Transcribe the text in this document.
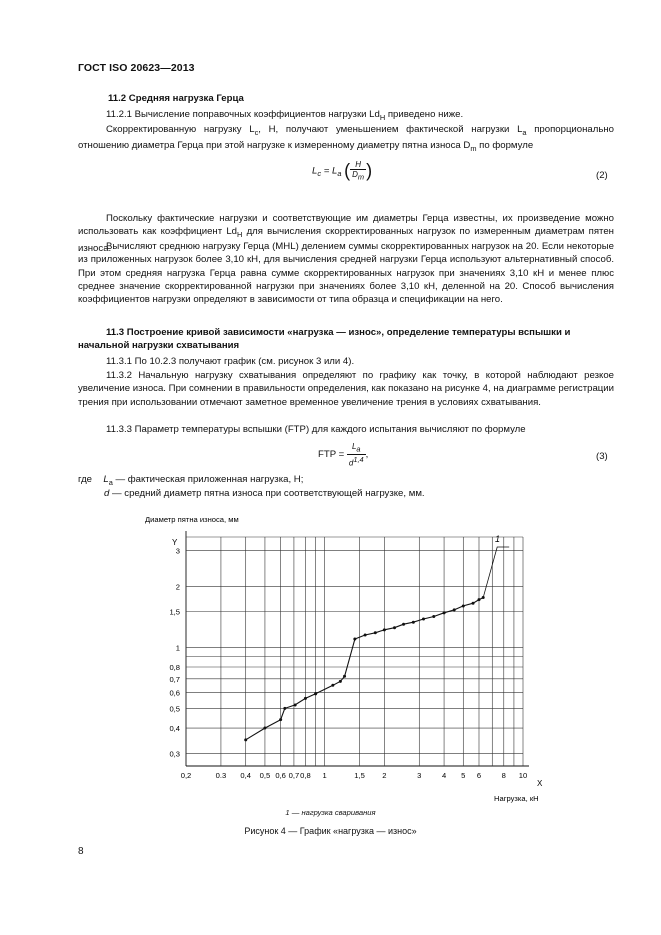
ГОСТ ISO 20623—2013
11.2 Средняя нагрузка Герца
11.2.1 Вычисление поправочных коэффициентов нагрузки $Ld_H$ приведено ниже.
Скорректированную нагрузку $L_c$, Н, получают уменьшением фактической нагрузки $L_a$ пропорционально отношению диаметра Герца при этой нагрузке к измеренному диаметру пятна износа $D_m$ по формуле
$L_c = L_a$ ( $\frac{H}{D_m}$ )	(2)
Поскольку фактические нагрузки и соответствующие им диаметры Герца известны, их произведение можно использовать как коэффициент $Ld_H$ для вычисления скорректированных нагрузок по измеренным диаметрам пятен износа.
Вычисляют среднюю нагрузку Герца (MHL) делением суммы скорректированных нагрузок на 20. Если некоторые из приложенных нагрузок более 3,10 кН, для вычисления средней нагрузки Герца используют альтернативный способ. При этом средняя нагрузка Герца равна сумме скорректированных нагрузок при значениях 3,10 кН и менее плюс среднее значение скорректированной нагрузки при значениях более 3,10 кН, деленной на 20. Способ вычисления коэффициентов нагрузки определяют в зависимости от типа образца и спецификации на него.
11.3 Построение кривой зависимости «нагрузка — износ», определение температуры вспышки и начальной нагрузки схватывания
11.3.1 По 10.2.3 получают график (см. рисунок 3 или 4).
11.3.2 Начальную нагрузку схватывания определяют по графику как точку, в которой наблюдают резкое увеличение износа. При сомнении в правильности определения, как показано на рисунке 4, на диаграмме регистрации трения при использовании отмечают заметное временное увеличение трения в условиях схватывания.
11.3.3 Параметр температуры вспышки (FTP) для каждого испытания вычисляют по формуле
FTP = $\frac{L_a}{d^{1,4}}$ ,	(3)
где $L_a$ — фактическая приложенная нагрузка, Н;
d — средний диаметр пятна износа при соответствующей нагрузке, мм.
0,2	0.3 0,4 0,5 0,6 0,7 0,8 1	1,5 2	3	4 5 6	8 10
0,3
0,4
0,5
0,6
0,7
0,8
1
1,5
2
3
Диаметр пятна износа, мм
Y
X
Нагрузка, кН
1
1 — нагрузка сваривания
Рисунок 4 — График «нагрузка — износ»
8
